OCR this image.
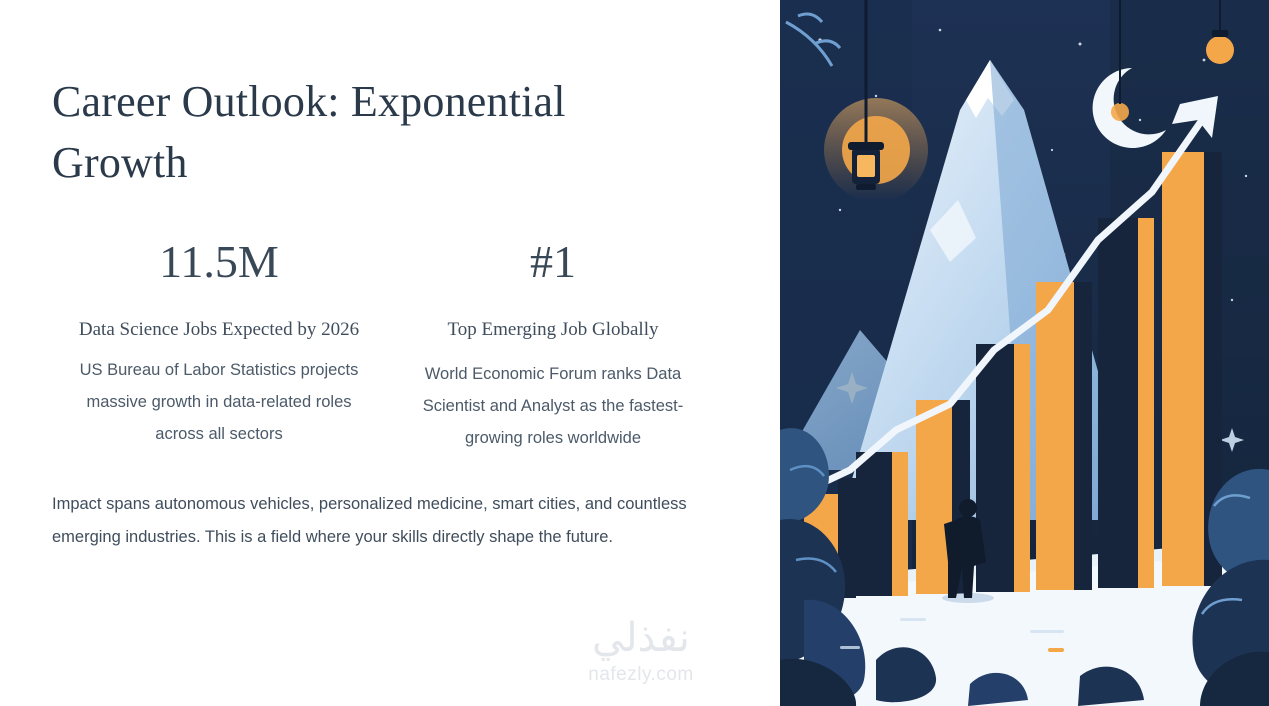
Career Outlook: Exponential Growth
11.5M
Data Science Jobs Expected by 2026
US Bureau of Labor Statistics projects massive growth in data-related roles across all sectors
#1
Top Emerging Job Globally
World Economic Forum ranks Data Scientist and Analyst as the fastest-growing roles worldwide

Impact spans autonomous vehicles, personalized medicine, smart cities, and countless emerging industries. This is a field where your skills directly shape the future.

نفذلي
nafezly.com
